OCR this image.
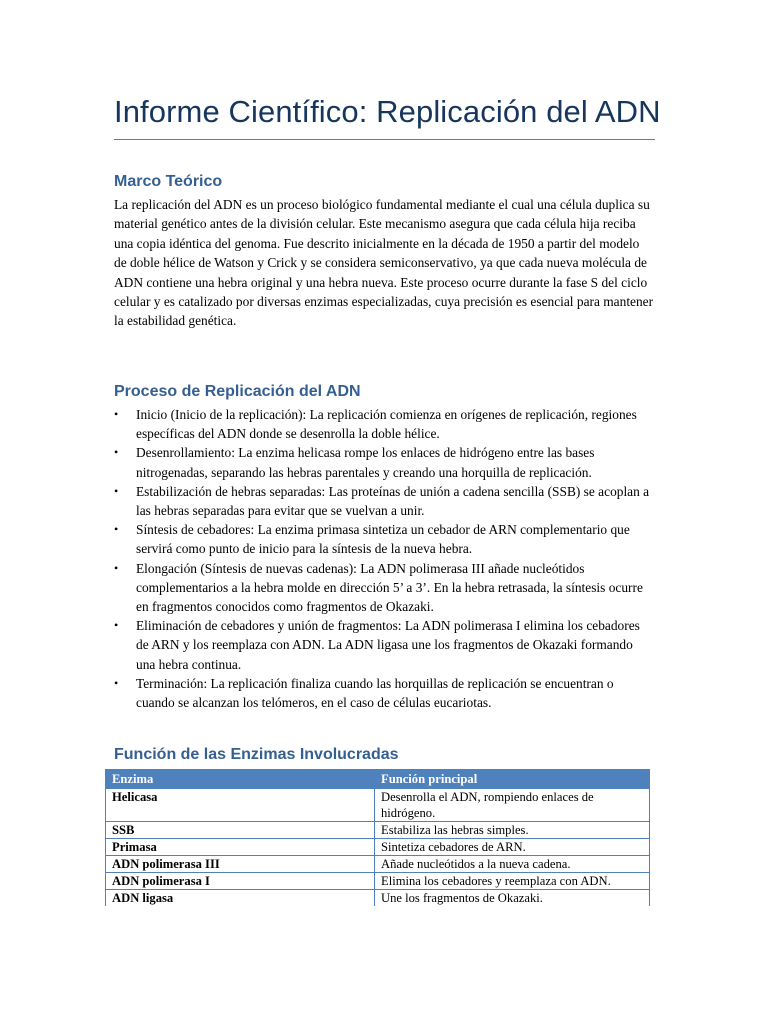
Informe Científico: Replicación del ADN
Marco Teórico

La replicación del ADN es un proceso biológico fundamental mediante el cual una célula duplica su material genético antes de la división celular. Este mecanismo asegura que cada célula hija reciba una copia idéntica del genoma. Fue descrito inicialmente en la década de 1950 a partir del modelo de doble hélice de Watson y Crick y se considera semiconservativo, ya que cada nueva molécula de ADN contiene una hebra original y una hebra nueva. Este proceso ocurre durante la fase S del ciclo celular y es catalizado por diversas enzimas especializadas, cuya precisión es esencial para mantener la estabilidad genética.

Proceso de Replicación del ADN
• Inicio (Inicio de la replicación): La replicación comienza en orígenes de replicación, regiones específicas del ADN donde se desenrolla la doble hélice.
• Desenrollamiento: La enzima helicasa rompe los enlaces de hidrógeno entre las bases nitrogenadas, separando las hebras parentales y creando una horquilla de replicación.
• Estabilización de hebras separadas: Las proteínas de unión a cadena sencilla (SSB) se acoplan a las hebras separadas para evitar que se vuelvan a unir.
• Síntesis de cebadores: La enzima primasa sintetiza un cebador de ARN complementario que servirá como punto de inicio para la síntesis de la nueva hebra.
• Elongación (Síntesis de nuevas cadenas): La ADN polimerasa III añade nucleótidos complementarios a la hebra molde en dirección 5’ a 3’. En la hebra retrasada, la síntesis ocurre en fragmentos conocidos como fragmentos de Okazaki.
• Eliminación de cebadores y unión de fragmentos: La ADN polimerasa I elimina los cebadores de ARN y los reemplaza con ADN. La ADN ligasa une los fragmentos de Okazaki formando una hebra continua.
• Terminación: La replicación finaliza cuando las horquillas de replicación se encuentran o cuando se alcanzan los telómeros, en el caso de células eucariotas.
Función de las Enzimas Involucradas
Enzima	Función principal
Helicasa	Desenrolla el ADN, rompiendo enlaces de hidrógeno.
SSB	Estabiliza las hebras simples.
Primasa	Sintetiza cebadores de ARN.
ADN polimerasa III	Añade nucleótidos a la nueva cadena.
ADN polimerasa I	Elimina los cebadores y reemplaza con ADN.
ADN ligasa	Une los fragmentos de Okazaki.
